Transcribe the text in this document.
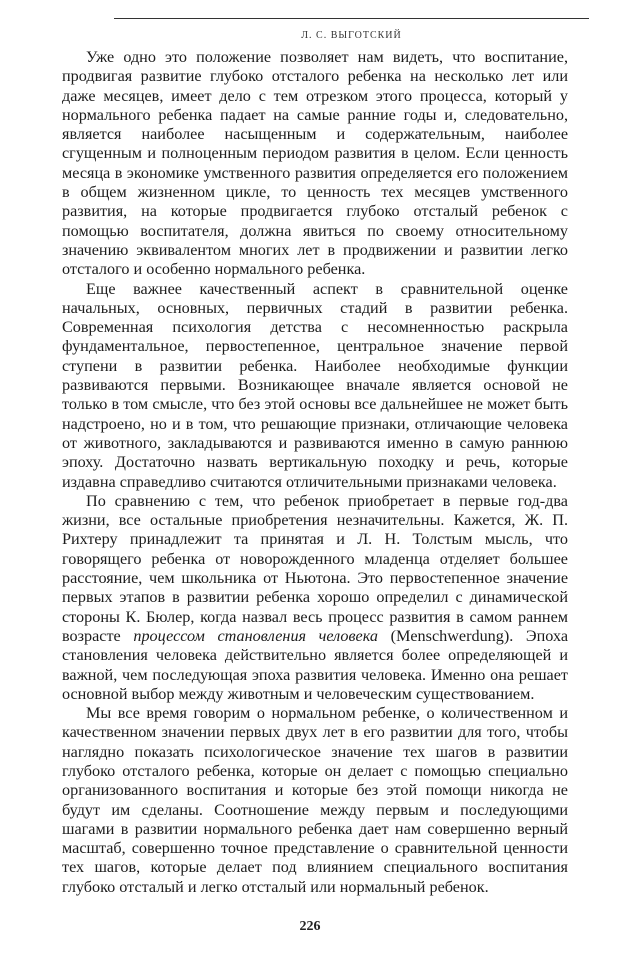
Л. С. ВЫГОТСКИЙ

Уже одно это положение позволяет нам видеть, что воспитание, продвигая развитие глубоко отсталого ребенка на несколько лет или даже месяцев, имеет дело с тем отрезком этого процесса, который у нормального ребенка падает на самые ранние годы и, следовательно, является наиболее насыщенным и содержательным, наиболее сгущенным и полноценным периодом развития в целом. Если ценность месяца в экономике умственного развития определяется его положением в общем жизненном цикле, то ценность тех месяцев умственного развития, на которые продвигается глубоко отсталый ребенок с помощью воспитателя, должна явиться по своему относительному значению эквивалентом многих лет в продвижении и развитии легко отсталого и особенно нормального ребенка.

Еще важнее качественный аспект в сравнительной оценке начальных, основных, первичных стадий в развитии ребенка. Современная психология детства с несомненностью раскрыла фундаментальное, первостепенное, центральное значение первой ступени в развитии ребенка. Наиболее необходимые функции развиваются первыми. Возникающее вначале является основой не только в том смысле, что без этой основы все дальнейшее не может быть надстроено, но и в том, что решающие признаки, отличающие человека от животного, закладываются и развиваются именно в самую раннюю эпоху. Достаточно назвать вертикальную походку и речь, которые издавна справедливо считаются отличительными признаками человека.

По сравнению с тем, что ребенок приобретает в первые год-два жизни, все остальные приобретения незначительны. Кажется, Ж. П. Рихтеру принадлежит та принятая и Л. Н. Толстым мысль, что говорящего ребенка от новорожденного младенца отделяет большее расстояние, чем школьника от Ньютона. Это первостепенное значение первых этапов в развитии ребенка хорошо определил с динамической стороны К. Бюлер, когда назвал весь процесс развития в самом раннем возрасте процессом становления человека (Menschwerdung). Эпоха становления человека действительно является более определяющей и важной, чем последующая эпоха развития человека. Именно она решает основной выбор между животным и человеческим существованием.

Мы все время говорим о нормальном ребенке, о количественном и качественном значении первых двух лет в его развитии для того, чтобы наглядно показать психологическое значение тех шагов в развитии глубоко отсталого ребенка, которые он делает с помощью специально организованного воспитания и которые без этой помощи никогда не будут им сделаны. Соотношение между первым и последующими шагами в развитии нормального ребенка дает нам совершенно верный масштаб, совершенно точное представление о сравнительной ценности тех шагов, которые делает под влиянием специального воспитания глубоко отсталый и легко отсталый или нормальный ребенок.

226
